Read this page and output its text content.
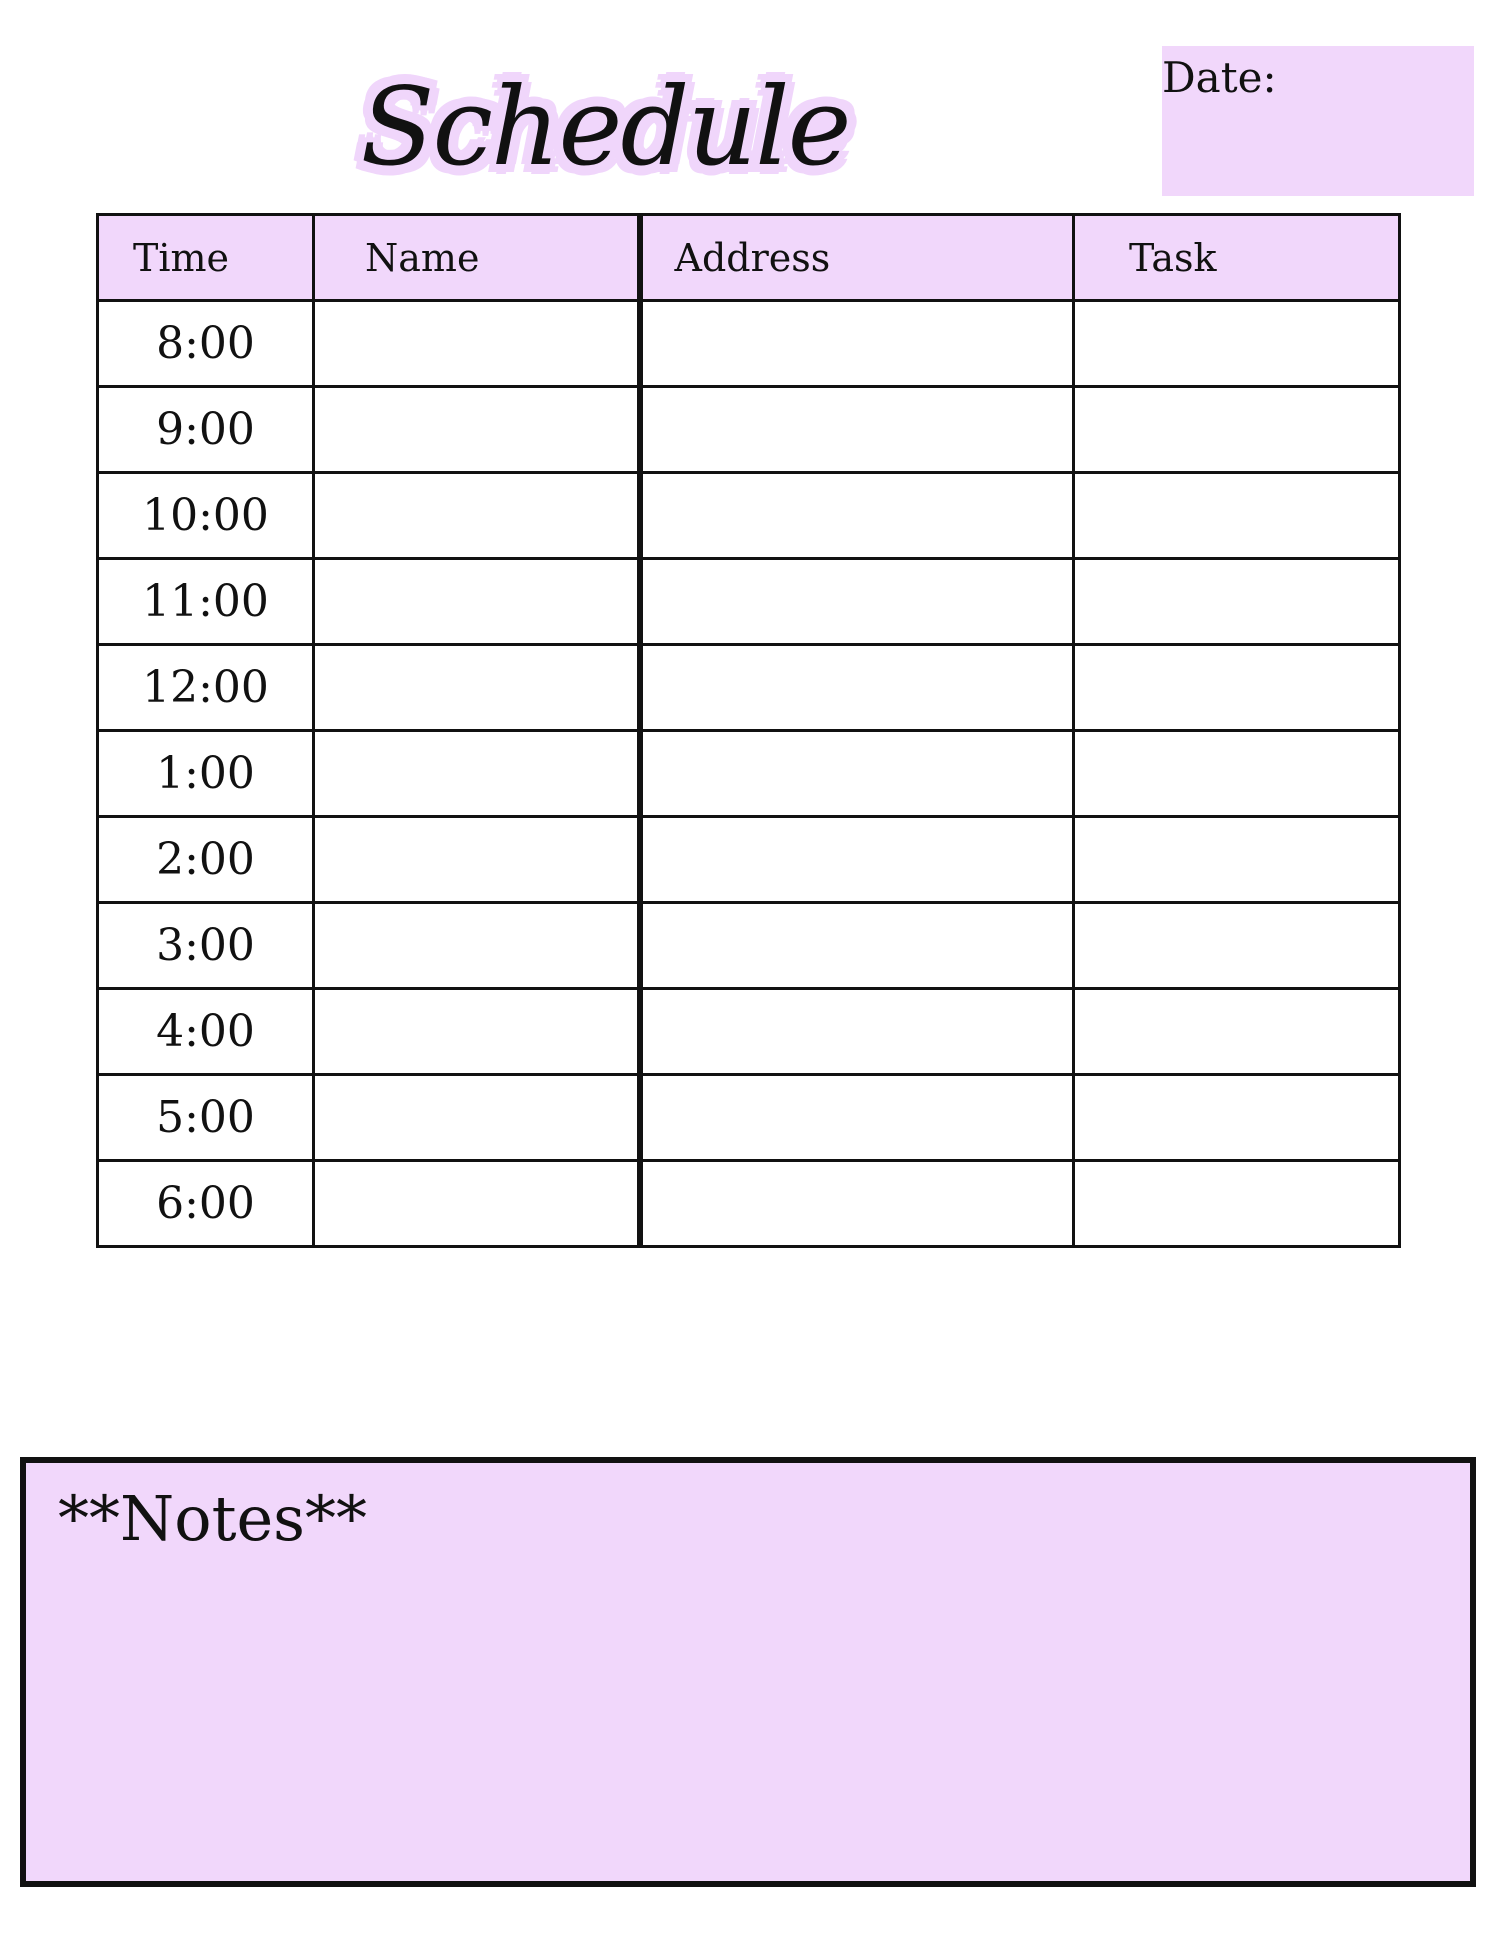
Schedule	Date:
Time	Name	Address	Task
8:00			
9:00			
10:00			
11:00			
12:00			
1:00			
2:00			
3:00			
4:00			
5:00			
6:00			
**Notes**
